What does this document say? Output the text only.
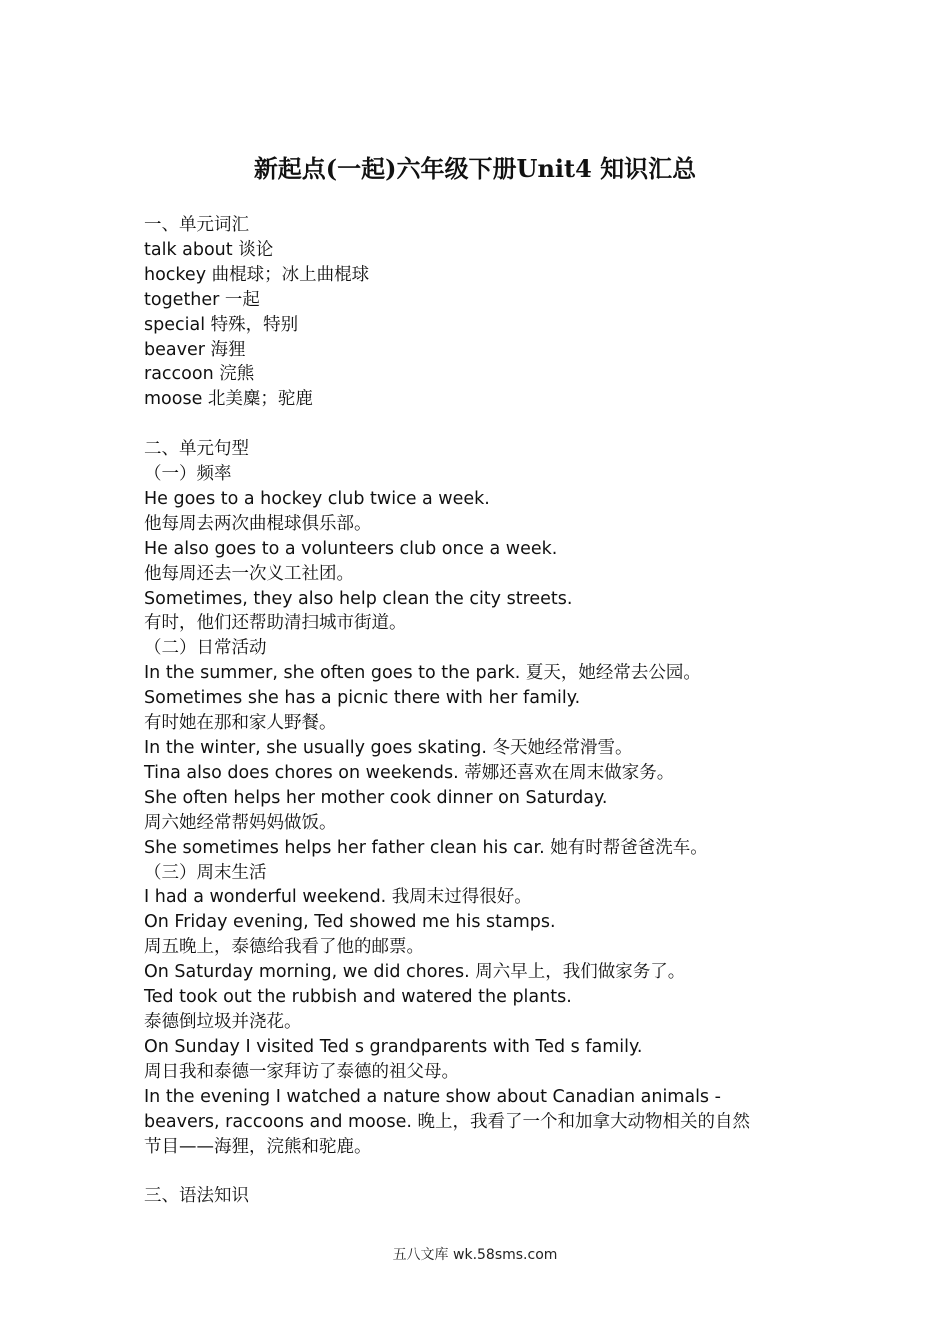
新起点(一起)六年级下册Unit4 知识汇总
一、单元词汇
talk about 谈论
hockey 曲棍球；冰上曲棍球
together 一起
special 特殊，特别
beaver 海狸
raccoon 浣熊
moose 北美麋；驼鹿
二、单元句型
（一）频率
He goes to a hockey club twice a week.
他每周去两次曲棍球俱乐部。
He also goes to a volunteers club once a week.
他每周还去一次义工社团。
Sometimes, they also help clean the city streets.
有时，他们还帮助清扫城市街道。
（二）日常活动
In the summer, she often goes to the park. 夏天，她经常去公园。
Sometimes she has a picnic there with her family.
有时她在那和家人野餐。
In the winter, she usually goes skating. 冬天她经常滑雪。
Tina also does chores on weekends. 蒂娜还喜欢在周末做家务。
She often helps her mother cook dinner on Saturday.
周六她经常帮妈妈做饭。
She sometimes helps her father clean his car. 她有时帮爸爸洗车。
（三）周末生活
I had a wonderful weekend. 我周末过得很好。
On Friday evening, Ted showed me his stamps.
周五晚上，泰德给我看了他的邮票。
On Saturday morning, we did chores. 周六早上，我们做家务了。
Ted took out the rubbish and watered the plants.
泰德倒垃圾并浇花。
On Sunday I visited Ted s grandparents with Ted s family.
周日我和泰德一家拜访了泰德的祖父母。
In the evening I watched a nature show about Canadian animals -
beavers, raccoons and moose. 晚上，我看了一个和加拿大动物相关的自然
节目——海狸，浣熊和驼鹿。
三、语法知识
五八文库 wk.58sms.com
